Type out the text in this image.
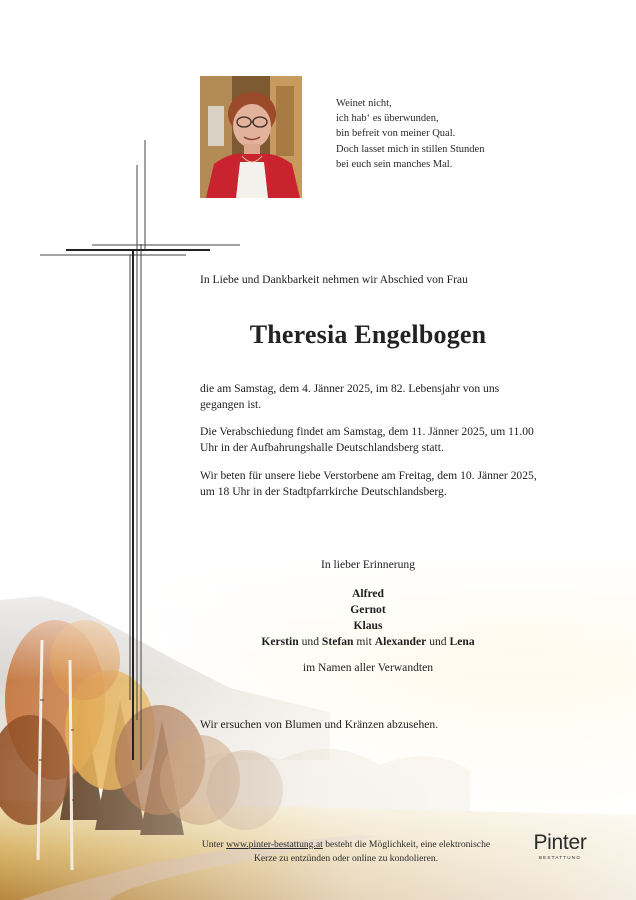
Weinet nicht,
ich hab‘ es überwunden,
bin befreit von meiner Qual.
Doch lasset mich in stillen Stunden
bei euch sein manches Mal.
In Liebe und Dankbarkeit nehmen wir Abschied von Frau
Theresia Engelbogen
die am Samstag, dem 4. Jänner 2025, im 82. Lebensjahr von uns gegangen ist.
Die Verabschiedung findet am Samstag, dem 11. Jänner 2025, um 11.00 Uhr in der Aufbahrungshalle Deutschlandsberg statt.
Wir beten für unsere liebe Verstorbene am Freitag, dem 10. Jänner 2025, um 18 Uhr in der Stadtpfarrkirche Deutschlandsberg.
In lieber Erinnerung
Alfred
Gernot
Klaus
Kerstin und Stefan mit Alexander und Lena
im Namen aller Verwandten
Wir ersuchen von Blumen und Kränzen abzusehen.
Unter www.pinter-bestattung.at besteht die Möglichkeit, eine elektronische Kerze zu entzünden oder online zu kondolieren.
Pinter
BESTATTUNG
